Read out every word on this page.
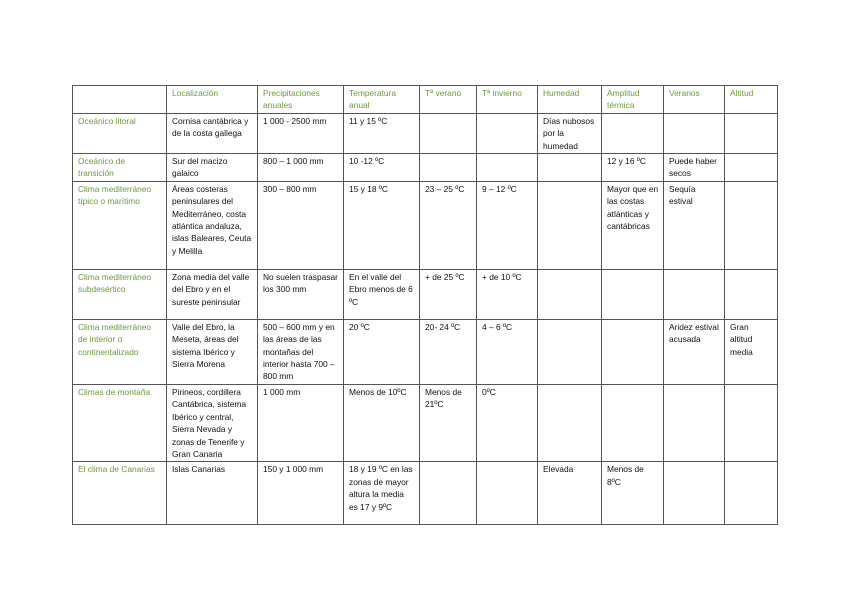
	Localización	Precipitaciones anuales	Temperatura anual	Tª verano	Tª invierno	Humedad	Amplitud térmica	Veranos	Altitud
Oceánico litoral	Cornisa cantábrica y de la costa gallega	1 000 - 2500 mm	11 y 15 ºC			Días nubosos por la humedad			
Oceánico de transición	Sur del macizo galaico	800 – 1 000 mm	10 -12 ºC				12 y 16 ºC	Puede haber secos	
Clima mediterráneo típico o marítimo	Áreas costeras peninsulares del Mediterráneo, costa atlántica andaluza, islas Baleares, Ceuta y Melilla	300 – 800 mm	15 y 18 ºC	23 – 25 ºC	9 – 12 ºC		Mayor que en las costas atlánticas y cantábricas	Sequía estival	
Clima mediterráneo subdesértico	Zona media del valle del Ebro y en el sureste peninsular	No suelen traspasar los 300 mm	En el valle del Ebro menos de 6 ºC	+ de 25 ºC	+ de 10 ºC				
Clima mediterráneo de interior o continentalizado	Valle del Ebro, la Meseta, áreas del sistema Ibérico y Sierra Morena	500 – 600 mm y en las áreas de las montañas del interior hasta 700 – 800 mm	20 ºC	20- 24 ºC	4 – 6 ºC			Aridez estival acusada	Gran altitud media
Climas de montaña	Pirineos, cordillera Cantábrica, sistema Ibérico y central, Sierra Nevada y zonas de Tenerife y Gran Canaria	1 000 mm	Menos de 10ºC	Menos de 21ºC	0ºC				
El clima de Canarias	Islas Canarias	150 y 1 000 mm	18 y 19 ºC en las zonas de mayor altura la media es 17 y 9ºC			Elevada	Menos de 8ºC		
